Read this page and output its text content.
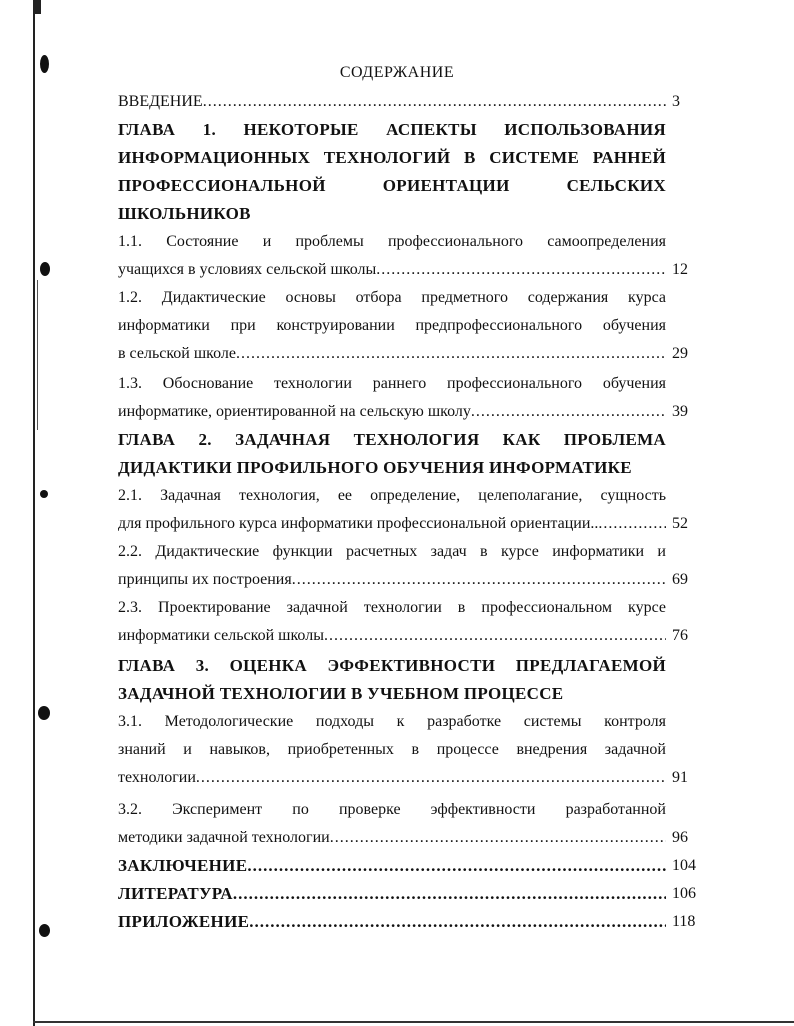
СОДЕРЖАНИЕ
ВВЕДЕНИЕ .....	3
ГЛАВА 1. НЕКОТОРЫЕ АСПЕКТЫ ИСПОЛЬЗОВАНИЯ
ИНФОРМАЦИОННЫХ ТЕХНОЛОГИЙ В СИСТЕМЕ РАННЕЙ
ПРОФЕССИОНАЛЬНОЙ ОРИЕНТАЦИИ СЕЛЬСКИХ
ШКОЛЬНИКОВ
1.1. Состояние и проблемы профессионального самоопределения
учащихся в условиях сельской школы .....	12
1.2. Дидактические основы отбора предметного содержания курса
информатики при конструировании предпрофессионального обучения
в сельской школе .....	29
1.3. Обоснование технологии раннего профессионального обучения
информатике, ориентированной на сельскую школу .....	39
ГЛАВА 2. ЗАДАЧНАЯ ТЕХНОЛОГИЯ КАК ПРОБЛЕМА
ДИДАКТИКИ ПРОФИЛЬНОГО ОБУЧЕНИЯ ИНФОРМАТИКЕ
2.1. Задачная технология, ее определение, целеполагание, сущность
для профильного курса информатики профессиональной ориентации.. .....	52
2.2. Дидактические функции расчетных задач в курсе информатики и
принципы их построения .....	69
2.3. Проектирование задачной технологии в профессиональном курсе
информатики сельской школы .....	76
ГЛАВА 3. ОЦЕНКА ЭФФЕКТИВНОСТИ ПРЕДЛАГАЕМОЙ
ЗАДАЧНОЙ ТЕХНОЛОГИИ В УЧЕБНОМ ПРОЦЕССЕ
3.1. Методологические подходы к разработке системы контроля
знаний и навыков, приобретенных в процессе внедрения задачной
технологии .....	91
3.2. Эксперимент по проверке эффективности разработанной
методики задачной технологии .....	96
ЗАКЛЮЧЕНИЕ .....	104
ЛИТЕРАТУРА .....	106
ПРИЛОЖЕНИЕ .....	118
